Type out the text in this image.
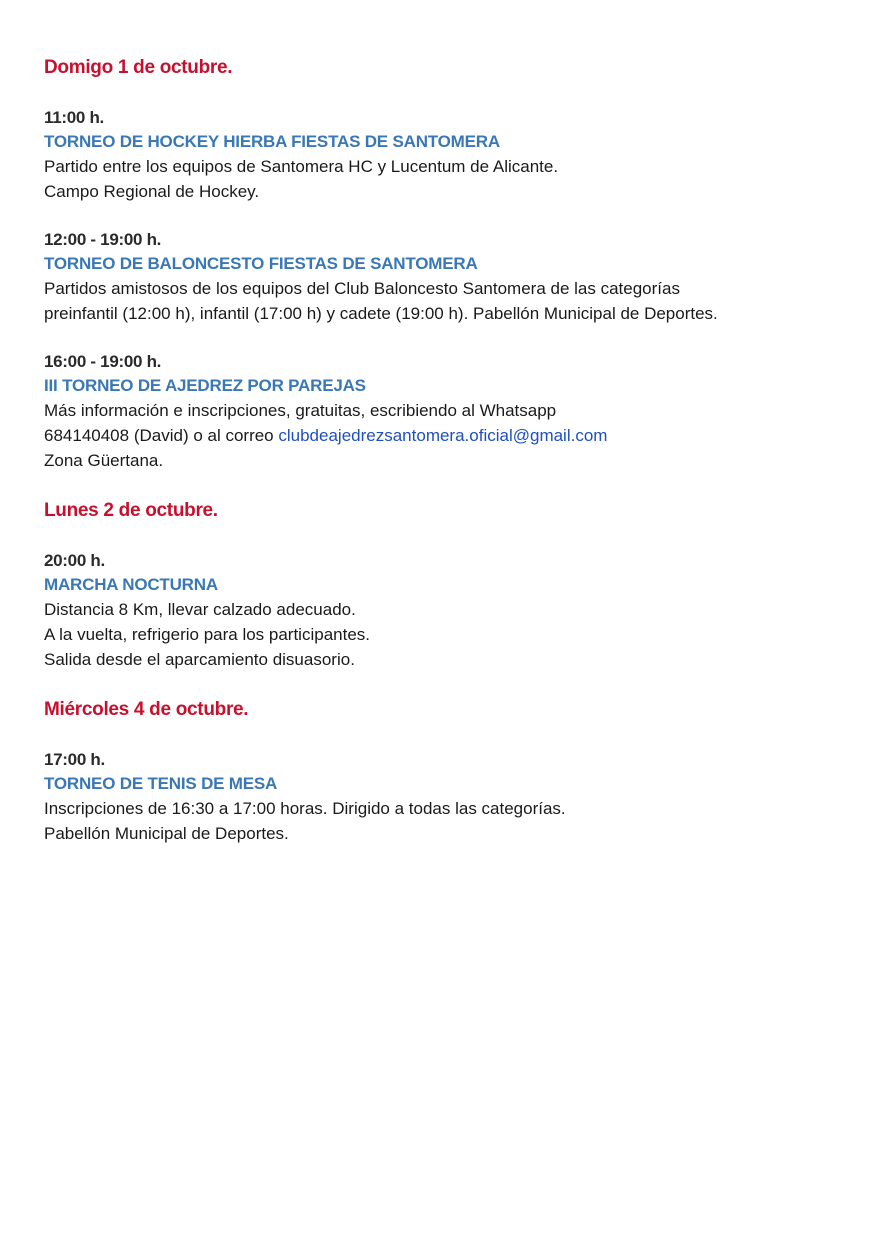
Domigo 1 de octubre.
11:00 h.
TORNEO DE HOCKEY HIERBA FIESTAS DE SANTOMERA
Partido entre los equipos de Santomera HC y Lucentum de Alicante.
Campo Regional de Hockey.
12:00 - 19:00 h.
TORNEO DE BALONCESTO FIESTAS DE SANTOMERA
Partidos amistosos de los equipos del Club Baloncesto Santomera de las categorías
preinfantil (12:00 h), infantil (17:00 h) y cadete (19:00 h). Pabellón Municipal de Deportes.
16:00 - 19:00 h.
III TORNEO DE AJEDREZ POR PAREJAS
Más información e inscripciones, gratuitas, escribiendo al Whatsapp
684140408 (David) o al correo clubdeajedrezsantomera.oficial@gmail.com
Zona Güertana.
Lunes 2 de octubre.
20:00 h.
MARCHA NOCTURNA
Distancia 8 Km, llevar calzado adecuado.
A la vuelta, refrigerio para los participantes.
Salida desde el aparcamiento disuasorio.
Miércoles 4 de octubre.
17:00 h.
TORNEO DE TENIS DE MESA
Inscripciones de 16:30 a 17:00 horas. Dirigido a todas las categorías.
Pabellón Municipal de Deportes.
